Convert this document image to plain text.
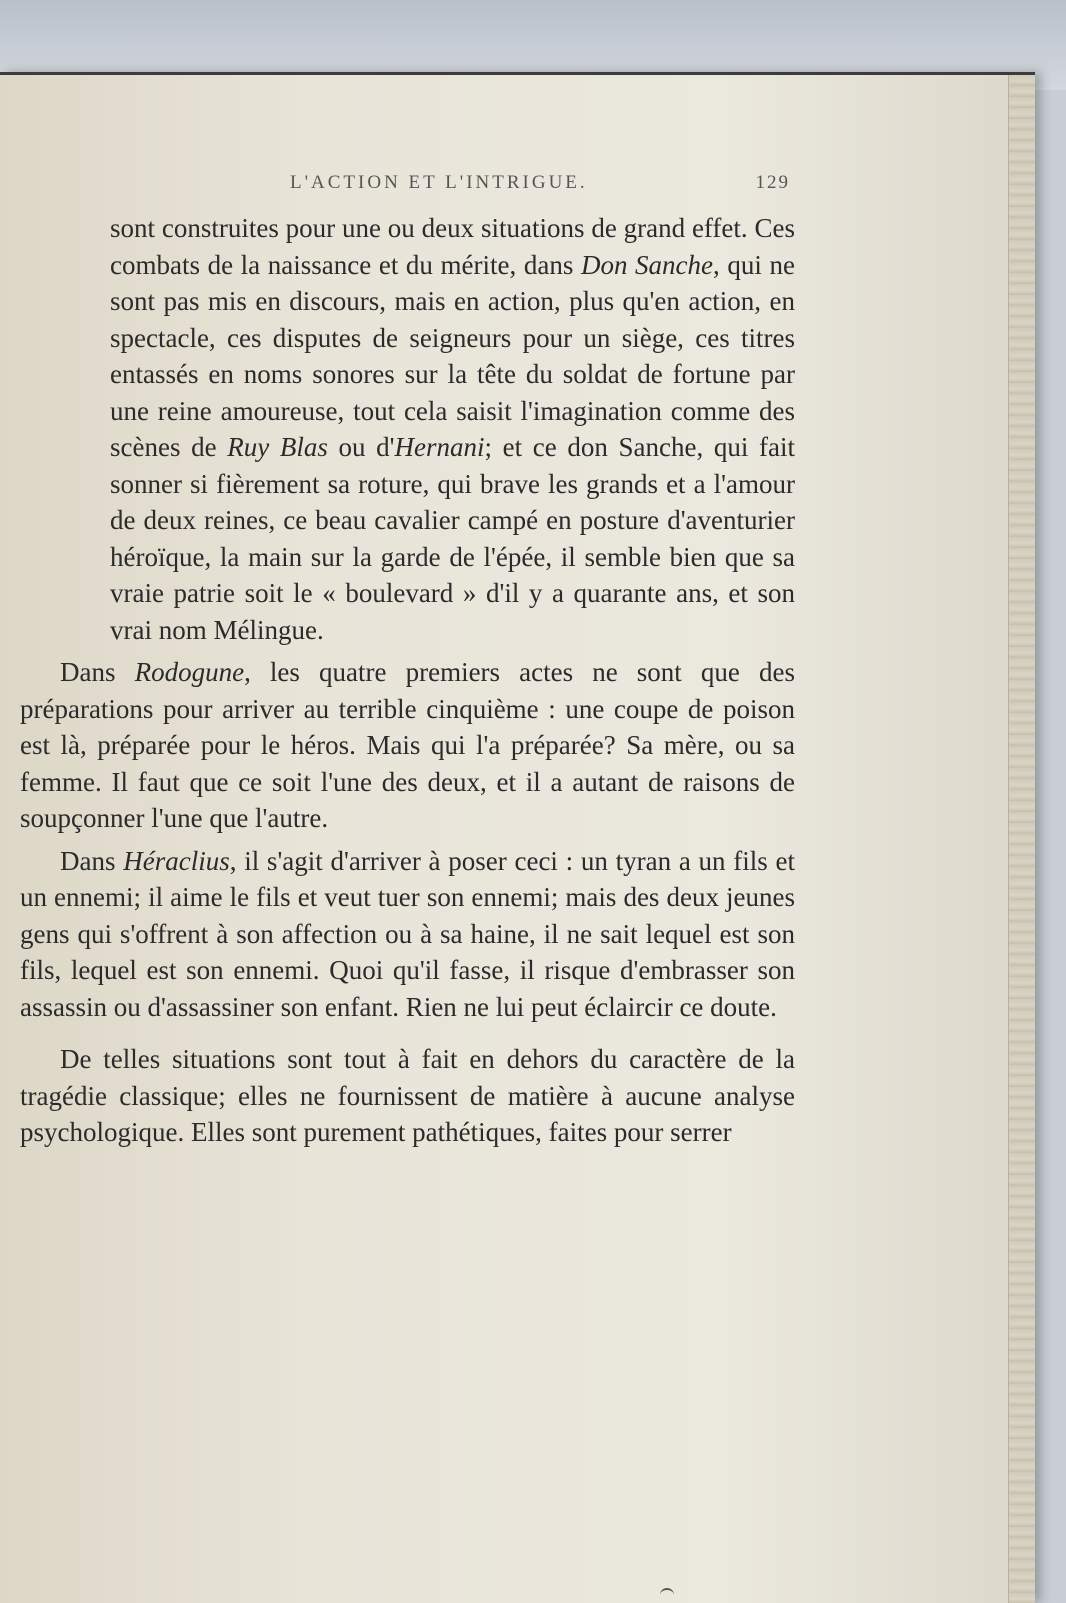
L'ACTION ET L'INTRIGUE.	129

sont construites pour une ou deux situations de grand effet. Ces combats de la naissance et du mérite, dans Don Sanche, qui ne sont pas mis en discours, mais en action, plus qu'en action, en spectacle, ces disputes de seigneurs pour un siège, ces titres entassés en noms sonores sur la tête du soldat de fortune par une reine amoureuse, tout cela saisit l'imagination comme des scènes de Ruy Blas ou d'Hernani; et ce don Sanche, qui fait sonner si fièrement sa roture, qui brave les grands et a l'amour de deux reines, ce beau cavalier campé en posture d'aventurier héroïque, la main sur la garde de l'épée, il semble bien que sa vraie patrie soit le « boulevard » d'il y a quarante ans, et son vrai nom Mélingue.

Dans Rodogune, les quatre premiers actes ne sont que des préparations pour arriver au terrible cinquième : une coupe de poison est là, préparée pour le héros. Mais qui l'a préparée? Sa mère, ou sa femme. Il faut que ce soit l'une des deux, et il a autant de raisons de soupçonner l'une que l'autre.

Dans Héraclius, il s'agit d'arriver à poser ceci : un tyran a un fils et un ennemi; il aime le fils et veut tuer son ennemi; mais des deux jeunes gens qui s'offrent à son affection ou à sa haine, il ne sait lequel est son fils, lequel est son ennemi. Quoi qu'il fasse, il risque d'embrasser son assassin ou d'assassiner son enfant. Rien ne lui peut éclaircir ce doute.

De telles situations sont tout à fait en dehors du caractère de la tragédie classique; elles ne fournissent de matière à aucune analyse psychologique. Elles sont purement pathétiques, faites pour serrer
